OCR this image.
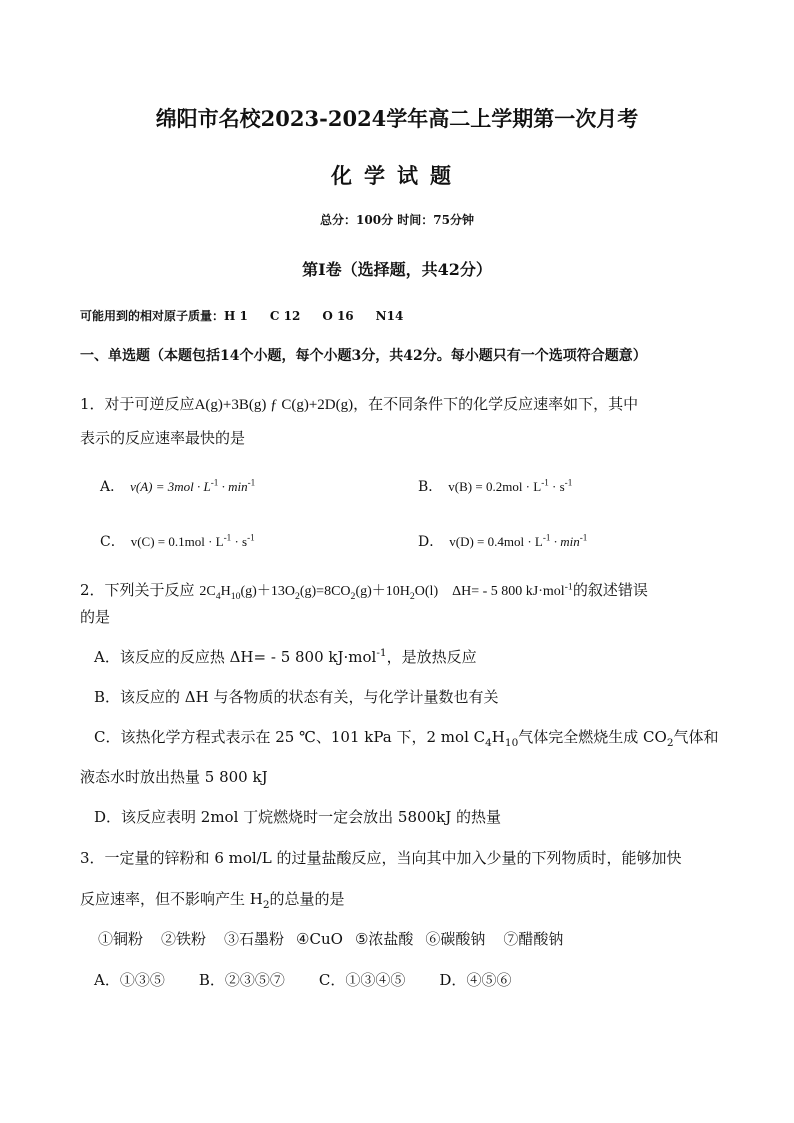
绵阳市名校2023-2024学年高二上学期第一次月考
化学试题
总分：100分 时间：75分钟
第Ⅰ卷（选择题，共42分）
可能用到的相对原子质量：H 1 C 12 O 16 N14
一、单选题（本题包括14个小题，每个小题3分，共42分。每小题只有一个选项符合题意）
1．对于可逆反应A(g)+3B(g) ƒ C(g)+2D(g)，在不同条件下的化学反应速率如下，其中
表示的反应速率最快的是
A． $v(A) = 3mol \cdot L^{-1} \cdot \min^{-1}$	B． $v(B) = 0.2mol \cdot L^{-1} \cdot s^{-1}$
C． $v(C) = 0.1mol \cdot L^{-1} \cdot s^{-1}$	D． $v(D) = 0.4mol \cdot L^{-1} \cdot \min^{-1}$
2．下列关于反应 $2C_4H_{10}(g)+13O_2(g)=8CO_2(g)+10H_2O(l)$ ΔH= - 5 800 kJ·mol$^{-1}$的叙述错误
的是
A．该反应的反应热 ΔH= - 5 800 kJ·mol$^{-1}$，是放热反应
B．该反应的 ΔH 与各物质的状态有关，与化学计量数也有关
C．该热化学方程式表示在 25 ℃、101 kPa 下，2 mol $C_4H_{10}$气体完全燃烧生成 $CO_2$气体和
液态水时放出热量 5 800 kJ
D．该反应表明 2mol 丁烷燃烧时一定会放出 5800kJ 的热量
3．一定量的锌粉和 6 mol/L 的过量盐酸反应，当向其中加入少量的下列物质时，能够加快
反应速率，但不影响产生 $H_2$的总量的是
①铜粉 ②铁粉 ③石墨粉 ④CuO ⑤浓盐酸 ⑥碳酸钠 ⑦醋酸钠
A．①③⑤ B．②③⑤⑦ C．①③④⑤ D．④⑤⑥
